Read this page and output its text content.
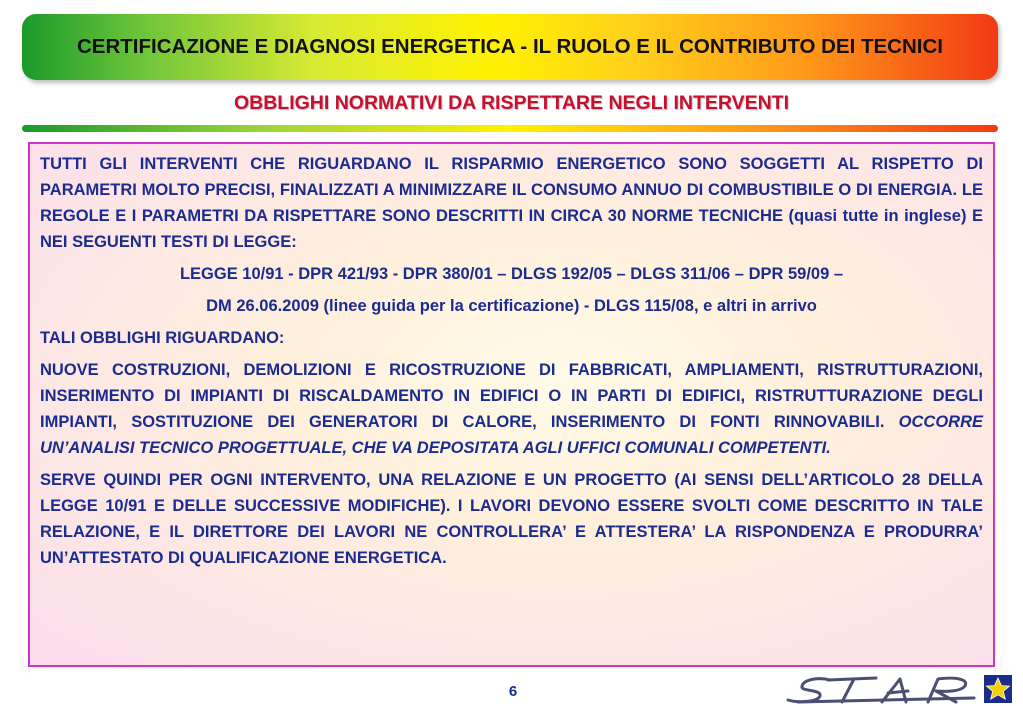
CERTIFICAZIONE E DIAGNOSI ENERGETICA - IL RUOLO E IL CONTRIBUTO DEI TECNICI
OBBLIGHI NORMATIVI DA RISPETTARE NEGLI INTERVENTI

TUTTI GLI INTERVENTI CHE RIGUARDANO IL RISPARMIO ENERGETICO SONO SOGGETTI AL RISPETTO DI PARAMETRI MOLTO PRECISI, FINALIZZATI A MINIMIZZARE IL CONSUMO ANNUO DI COMBUSTIBILE O DI ENERGIA. LE REGOLE E I PARAMETRI DA RISPETTARE SONO DESCRITTI IN CIRCA 30 NORME TECNICHE (quasi tutte in inglese) E NEI SEGUENTI TESTI DI LEGGE:

LEGGE 10/91 - DPR 421/93 - DPR 380/01 – DLGS 192/05 – DLGS 311/06 – DPR 59/09 –

DM 26.06.2009 (linee guida per la certificazione) - DLGS 115/08, e altri in arrivo

TALI OBBLIGHI RIGUARDANO:

NUOVE COSTRUZIONI, DEMOLIZIONI E RICOSTRUZIONE DI FABBRICATI, AMPLIAMENTI, RISTRUTTURAZIONI, INSERIMENTO DI IMPIANTI DI RISCALDAMENTO IN EDIFICI O IN PARTI DI EDIFICI, RISTRUTTURAZIONE DEGLI IMPIANTI, SOSTITUZIONE DEI GENERATORI DI CALORE, INSERIMENTO DI FONTI RINNOVABILI. OCCORRE UN’ANALISI TECNICO PROGETTUALE, CHE VA DEPOSITATA AGLI UFFICI COMUNALI COMPETENTI.

SERVE QUINDI PER OGNI INTERVENTO, UNA RELAZIONE E UN PROGETTO (AI SENSI DELL’ARTICOLO 28 DELLA LEGGE 10/91 E DELLE SUCCESSIVE MODIFICHE). I LAVORI DEVONO ESSERE SVOLTI COME DESCRITTO IN TALE RELAZIONE, E IL DIRETTORE DEI LAVORI NE CONTROLLERA’ E ATTESTERA’ LA RISPONDENZA E PRODURRA’ UN’ATTESTATO DI QUALIFICAZIONE ENERGETICA.

6
